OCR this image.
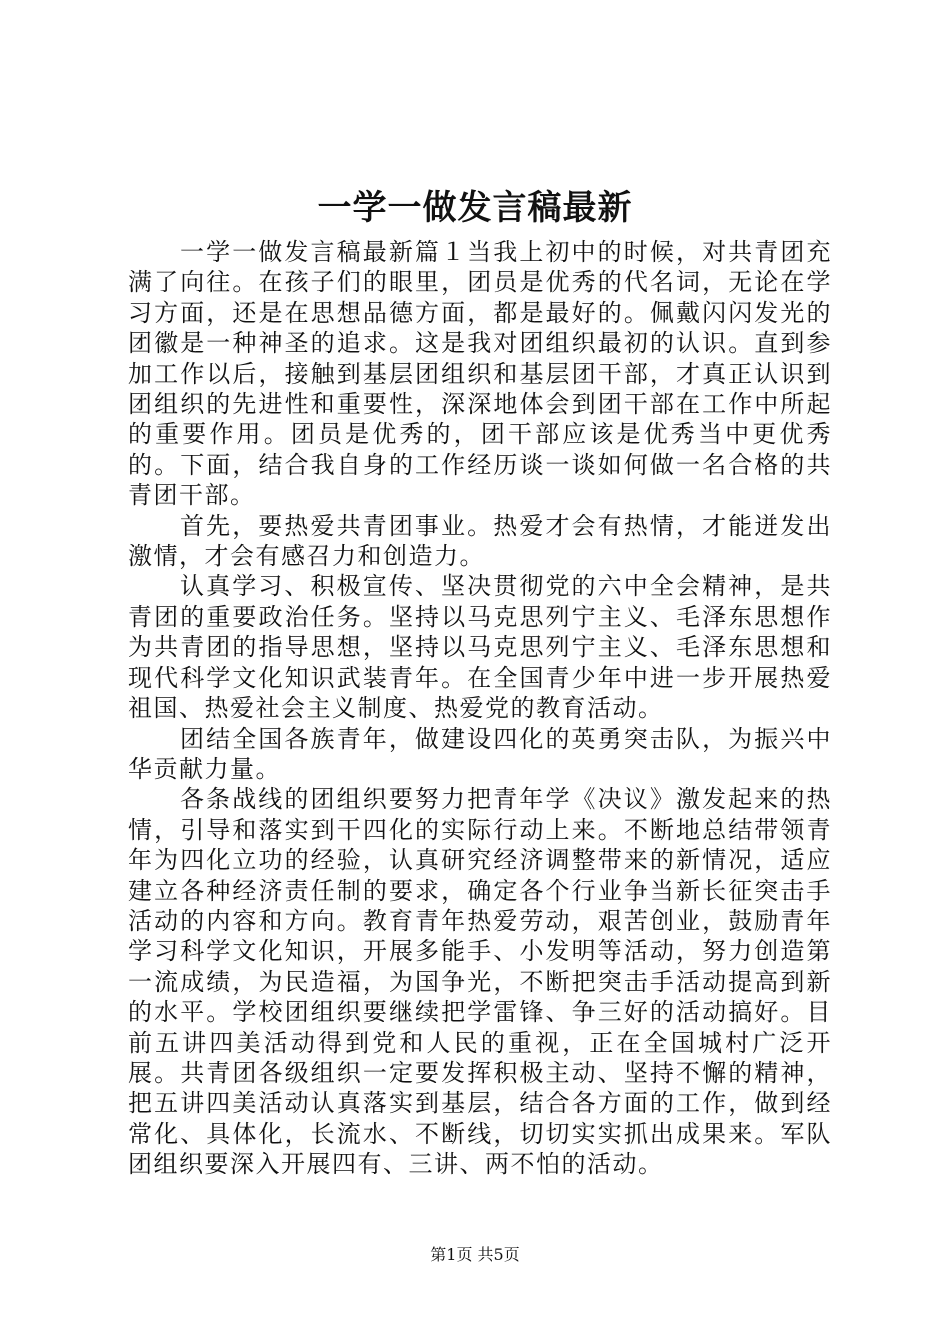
一学一做发言稿最新

一学一做发言稿最新篇１当我上初中的时候，对共青团充满了向往。在孩子们的眼里，团员是优秀的代名词，无论在学习方面，还是在思想品德方面，都是最好的。佩戴闪闪发光的团徽是一种神圣的追求。这是我对团组织最初的认识。直到参加工作以后，接触到基层团组织和基层团干部，才真正认识到团组织的先进性和重要性，深深地体会到团干部在工作中所起的重要作用。团员是优秀的，团干部应该是优秀当中更优秀的。下面，结合我自身的工作经历谈一谈如何做一名合格的共青团干部。

首先，要热爱共青团事业。热爱才会有热情，才能迸发出激情，才会有感召力和创造力。

认真学习、积极宣传、坚决贯彻党的六中全会精神，是共青团的重要政治任务。坚持以马克思列宁主义、毛泽东思想作为共青团的指导思想，坚持以马克思列宁主义、毛泽东思想和现代科学文化知识武装青年。在全国青少年中进一步开展热爱祖国、热爱社会主义制度、热爱党的教育活动。

团结全国各族青年，做建设四化的英勇突击队，为振兴中华贡献力量。

各条战线的团组织要努力把青年学《决议》激发起来的热情，引导和落实到干四化的实际行动上来。不断地总结带领青年为四化立功的经验，认真研究经济调整带来的新情况，适应建立各种经济责任制的要求，确定各个行业争当新长征突击手活动的内容和方向。教育青年热爱劳动，艰苦创业，鼓励青年学习科学文化知识，开展多能手、小发明等活动，努力创造第一流成绩，为民造福，为国争光，不断把突击手活动提高到新的水平。学校团组织要继续把学雷锋、争三好的活动搞好。目前五讲四美活动得到党和人民的重视，正在全国城村广泛开展。共青团各级组织一定要发挥积极主动、坚持不懈的精神，把五讲四美活动认真落实到基层，结合各方面的工作，做到经常化、具体化，长流水、不断线，切切实实抓出成果来。军队团组织要深入开展四有、三讲、两不怕的活动。

第1页 共5页
